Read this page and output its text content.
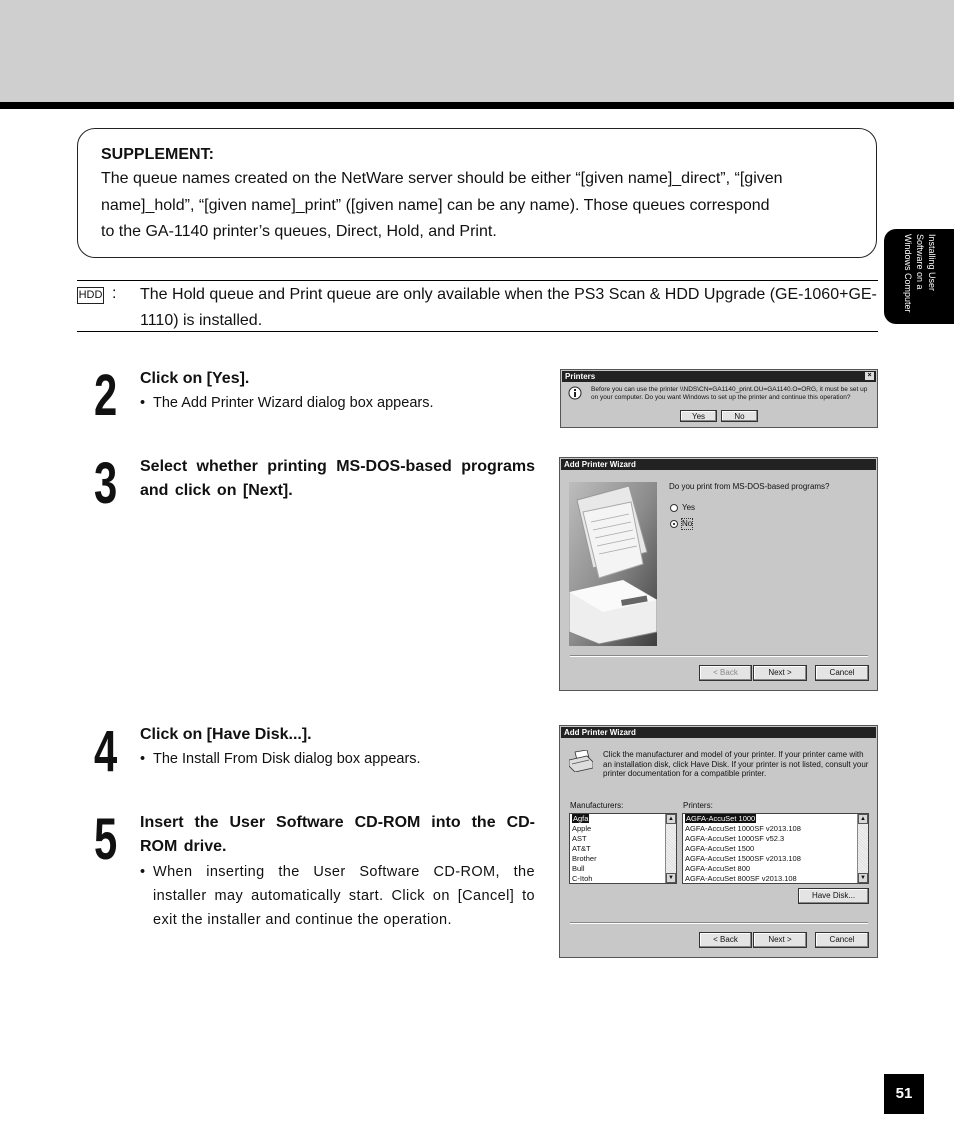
Installing User
Software on a
Windows Computer
SUPPLEMENT:
The queue names created on the NetWare server should be either “[given name]_direct”, “[given
name]_hold”, “[given name]_print” ([given name] can be any name). Those queues correspond
to the GA-1140 printer’s queues, Direct, Hold, and Print.
HDD : The Hold queue and Print queue are only available when the PS3 Scan & HDD Upgrade (GE-1060+GE-1110) is installed.
2 Click on [Yes].
• The Add Printer Wizard dialog box appears.
3 Select whether printing MS-DOS-based programs and click on [Next].
4 Click on [Have Disk...].
• The Install From Disk dialog box appears.
5 Insert the User Software CD-ROM into the CD-ROM drive.
• When inserting the User Software CD-ROM, the installer may automatically start. Click on [Cancel] to exit the installer and continue the operation.
Printers	×
Before you can use the printer \\NDS\CN=GA1140_print.OU=GA1140.O=ORG, it must be set up on your computer. Do you want Windows to set up the printer and continue this operation?
Yes	No
Add Printer Wizard
Do you print from MS-DOS-based programs?
Yes
No
< Back	Next >	Cancel
Add Printer Wizard
Click the manufacturer and model of your printer. If your printer came with an installation disk, click Have Disk. If your printer is not listed, consult your printer documentation for a compatible printer.
Manufacturers:	Printers:
Agfa
Apple
AST
AT&T
Brother
Bull
C-Itoh
▲
▼
AGFA-AccuSet 1000
AGFA-AccuSet 1000SF v2013.108
AGFA-AccuSet 1000SF v52.3
AGFA-AccuSet 1500
AGFA-AccuSet 1500SF v2013.108
AGFA-AccuSet 800
AGFA-AccuSet 800SF v2013.108
▲
▼
Have Disk...
< Back	Next >	Cancel
51
